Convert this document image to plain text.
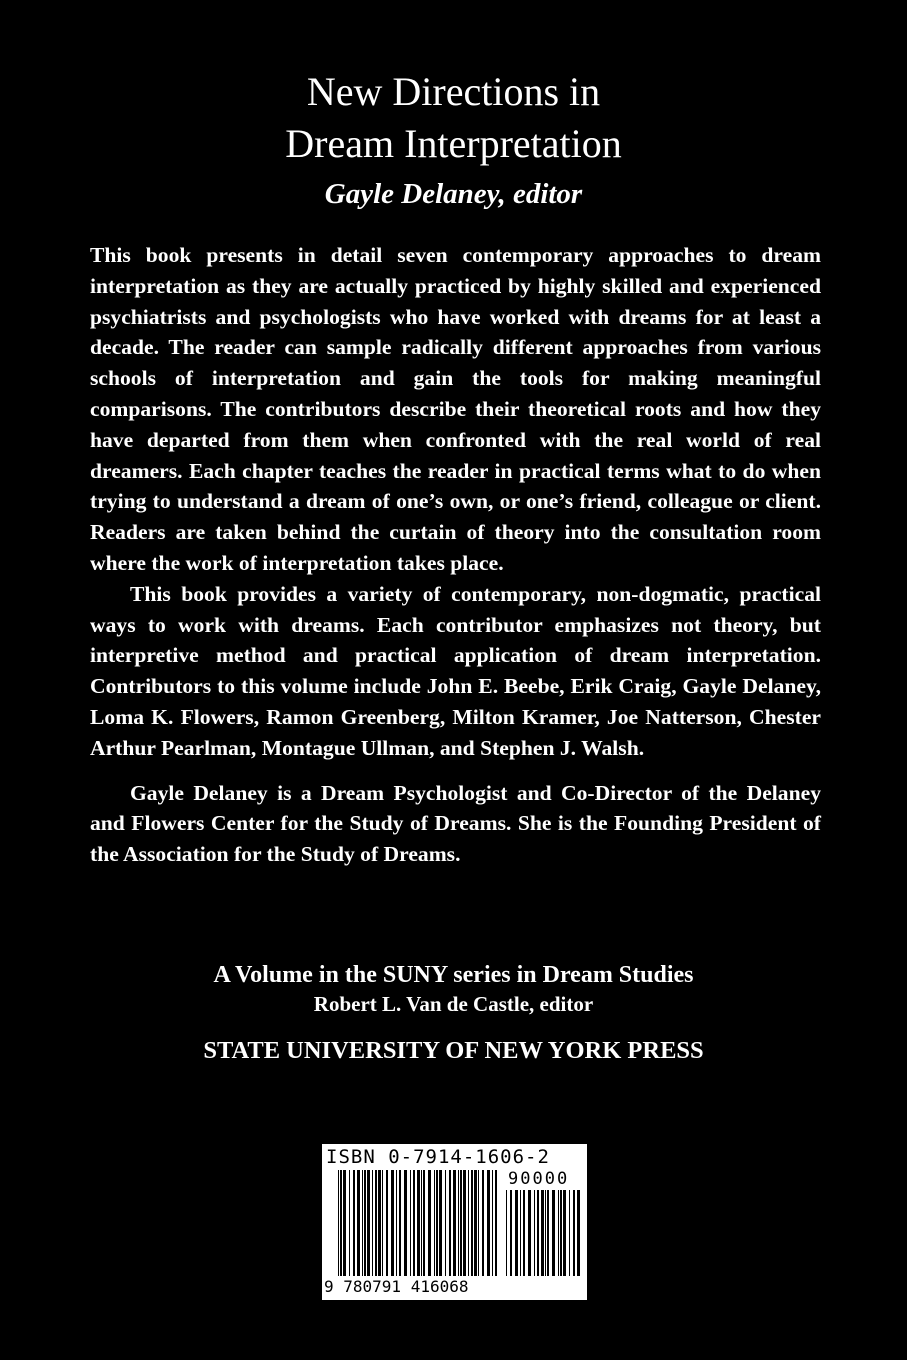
New Directions in
Dream Interpretation
Gayle Delaney, editor

This book presents in detail seven contemporary approaches to dream interpretation as they are actually practiced by highly skilled and experienced psychiatrists and psychologists who have worked with dreams for at least a decade. The reader can sample radically different approaches from various schools of interpretation and gain the tools for making meaningful comparisons. The contributors describe their theoretical roots and how they have departed from them when confronted with the real world of real dreamers. Each chapter teaches the reader in practical terms what to do when trying to understand a dream of one’s own, or one’s friend, colleague or client. Readers are taken behind the curtain of theory into the consultation room where the work of interpretation takes place.

This book provides a variety of contemporary, non-dogmatic, practical ways to work with dreams. Each contributor emphasizes not theory, but interpretive method and practical application of dream interpretation. Contributors to this volume include John E. Beebe, Erik Craig, Gayle Delaney, Loma K. Flowers, Ramon Greenberg, Milton Kramer, Joe Natterson, Chester Arthur Pearlman, Montague Ullman, and Stephen J. Walsh.

Gayle Delaney is a Dream Psychologist and Co-Director of the Delaney and Flowers Center for the Study of Dreams. She is the Founding President of the Association for the Study of Dreams.

A Volume in the SUNY series in Dream Studies
Robert L. Van de Castle, editor
STATE UNIVERSITY OF NEW YORK PRESS
ISBN 0-7914-1606-2
90000
9 780791 416068
